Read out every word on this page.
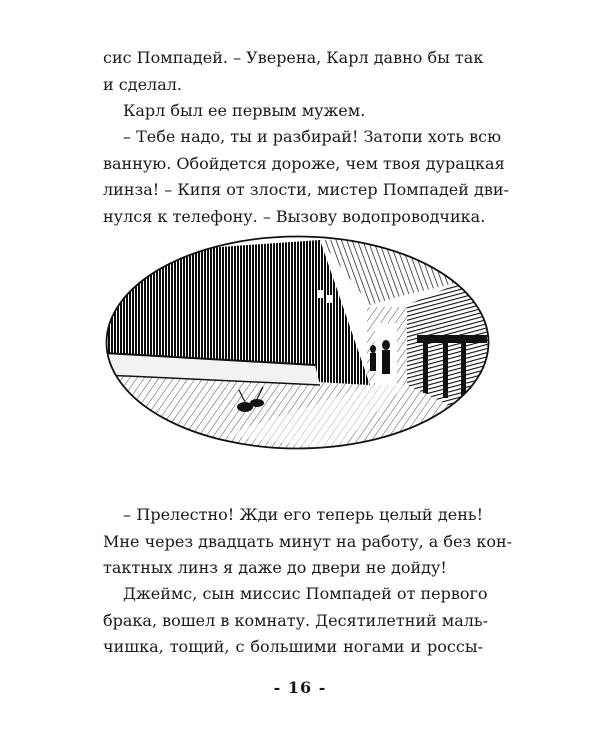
сис Помпадей. – Уверена, Карл давно бы так
и сделал.
Карл был ее первым мужем.
– Тебе надо, ты и разбирай! Затопи хоть всю
ванную. Обойдется дороже, чем твоя дурацкая
линза! – Кипя от злости, мистер Помпадей дви-
нулся к телефону. – Вызову водопроводчика.
– Прелестно! Жди его теперь целый день!
Мне через двадцать минут на работу, а без кон-
тактных линз я даже до двери не дойду!
Джеймс, сын миссис Помпадей от первого
брака, вошел в комнату. Десятилетний маль-
чишка, тощий, с большими ногами и россы-
- 16 -
